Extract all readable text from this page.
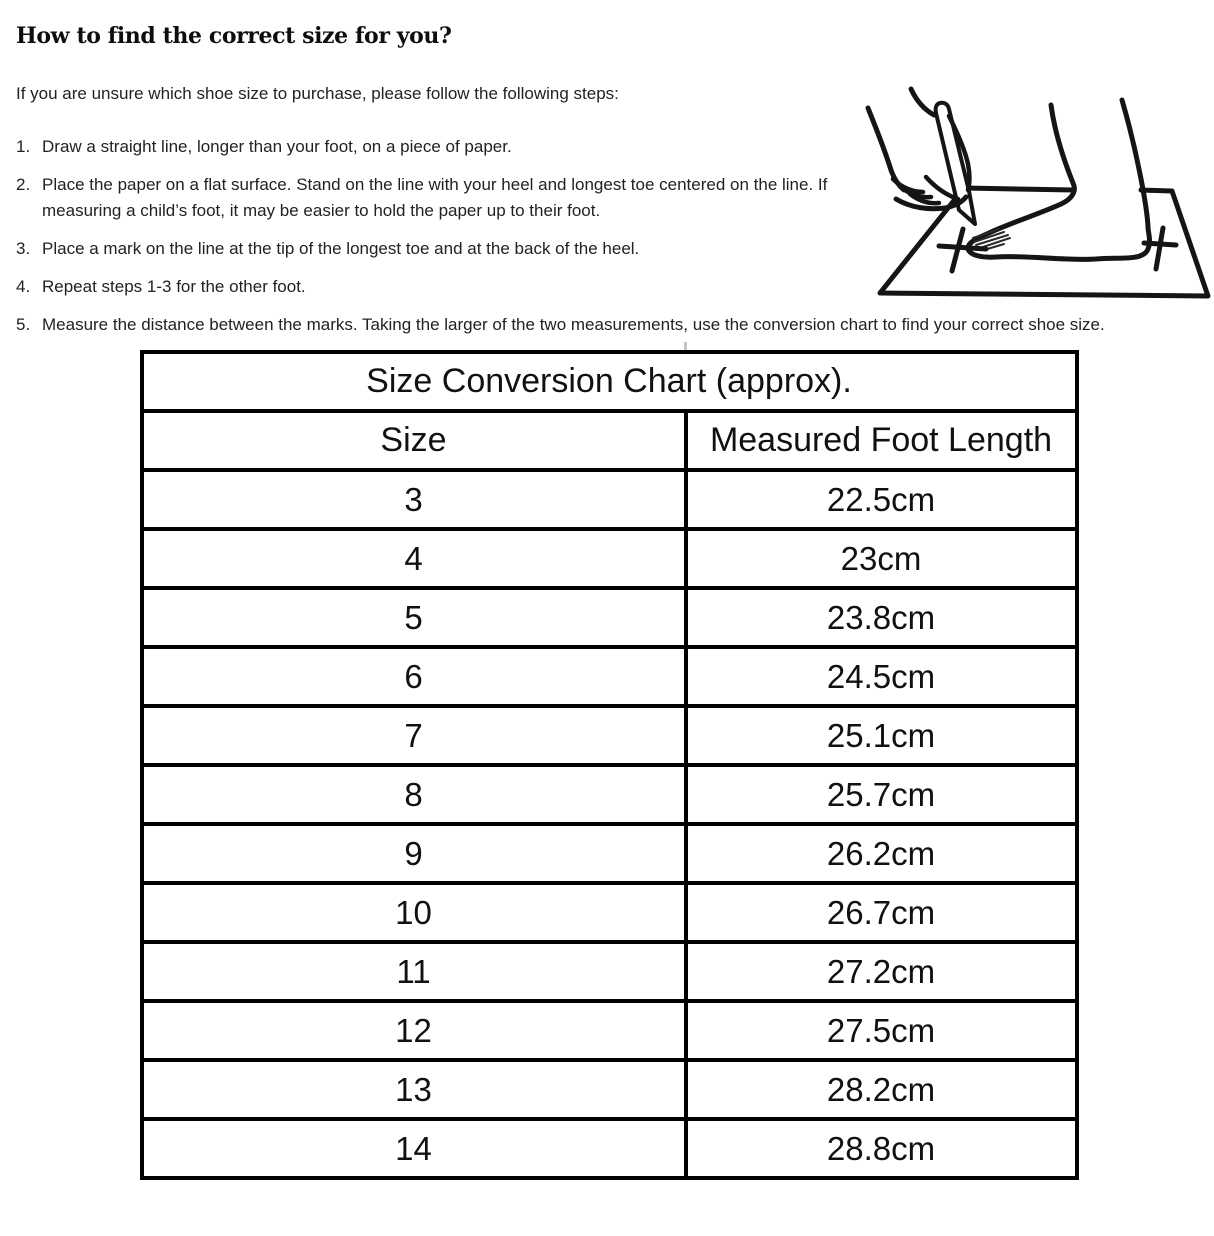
How to find the correct size for you?

If you are unsure which shoe size to purchase, please follow the following steps:

1. Draw a straight line, longer than your foot, on a piece of paper.
2. Place the paper on a flat surface. Stand on the line with your heel and longest toe centered on the line. If measuring a child’s foot, it may be easier to hold the paper up to their foot.
3. Place a mark on the line at the tip of the longest toe and at the back of the heel.
4. Repeat steps 1-3 for the other foot.
5. Measure the distance between the marks. Taking the larger of the two measurements, use the conversion chart to find your correct shoe size.
Size Conversion Chart (approx).	
Size	Measured Foot Length
3	22.5cm
4	23cm
5	23.8cm
6	24.5cm
7	25.1cm
8	25.7cm
9	26.2cm
10	26.7cm
11	27.2cm
12	27.5cm
13	28.2cm
14	28.8cm
